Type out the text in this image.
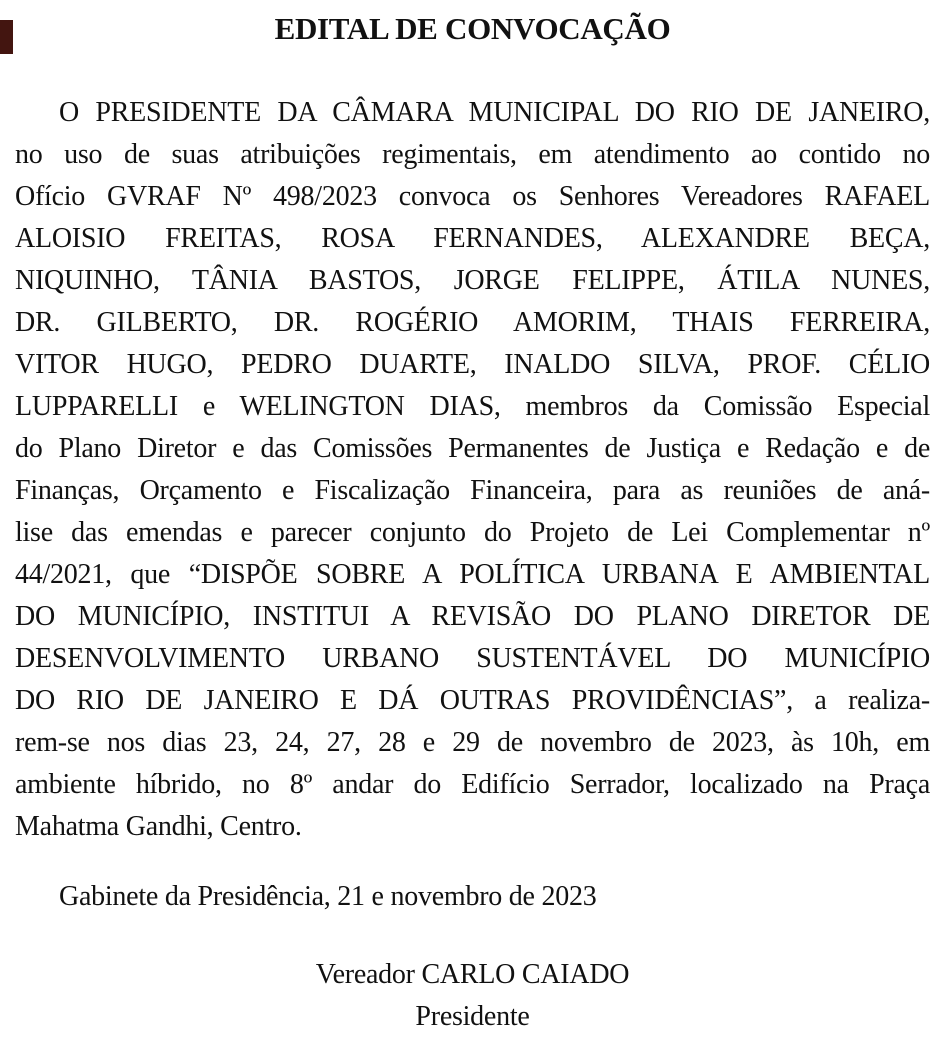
EDITAL DE CONVOCAÇÃO
O PRESIDENTE DA CÂMARA MUNICIPAL DO RIO DE JANEIRO,
no uso de suas atribuições regimentais, em atendimento ao contido no
Ofício GVRAF Nº 498/2023 convoca os Senhores Vereadores RAFAEL
ALOISIO FREITAS, ROSA FERNANDES, ALEXANDRE BEÇA,
NIQUINHO, TÂNIA BASTOS, JORGE FELIPPE, ÁTILA NUNES,
DR. GILBERTO, DR. ROGÉRIO AMORIM, THAIS FERREIRA,
VITOR HUGO, PEDRO DUARTE, INALDO SILVA, PROF. CÉLIO
LUPPARELLI e WELINGTON DIAS, membros da Comissão Especial
do Plano Diretor e das Comissões Permanentes de Justiça e Redação e de
Finanças, Orçamento e Fiscalização Financeira, para as reuniões de aná-
lise das emendas e parecer conjunto do Projeto de Lei Complementar nº
44/2021, que “DISPÕE SOBRE A POLÍTICA URBANA E AMBIENTAL
DO MUNICÍPIO, INSTITUI A REVISÃO DO PLANO DIRETOR DE
DESENVOLVIMENTO URBANO SUSTENTÁVEL DO MUNICÍPIO
DO RIO DE JANEIRO E DÁ OUTRAS PROVIDÊNCIAS”, a realiza-
rem-se nos dias 23, 24, 27, 28 e 29 de novembro de 2023, às 10h, em
ambiente híbrido, no 8º andar do Edifício Serrador, localizado na Praça
Mahatma Gandhi, Centro.
Gabinete da Presidência, 21 e novembro de 2023
Vereador CARLO CAIADO
Presidente
